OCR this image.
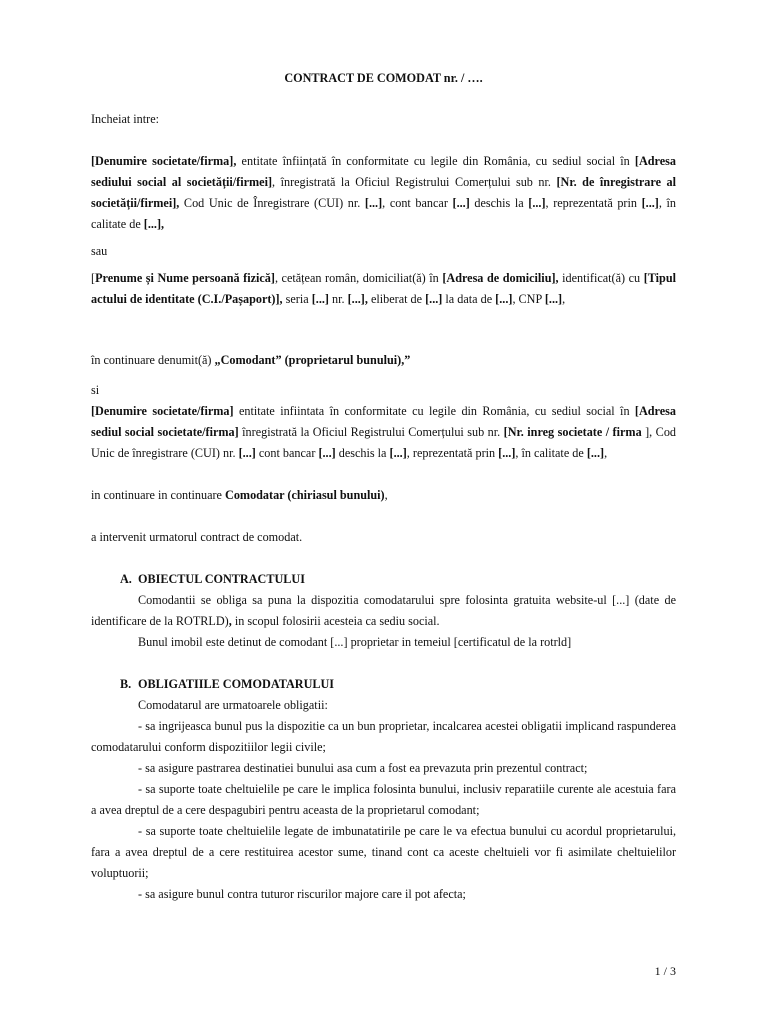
CONTRACT DE COMODAT nr. / ….

Incheiat intre:

[Denumire societate/firma], entitate înființată în conformitate cu legile din România, cu sediul social în [Adresa sediului social al societății/firmei], înregistrată la Oficiul Registrului Comerțului sub nr. [Nr. de înregistrare al societății/firmei], Cod Unic de Înregistrare (CUI) nr. [...], cont bancar [...] deschis la [...], reprezentată prin [...], în calitate de [...],

sau

[Prenume și Nume persoană fizică], cetățean român, domiciliat(ă) în [Adresa de domiciliu], identificat(ă) cu [Tipul actului de identitate (C.I./Pașaport)], seria [...] nr. [...], eliberat de [...] la data de [...], CNP [...],

în continuare denumit(ă) „Comodant” (proprietarul bunului),”

si

[Denumire societate/firma] entitate infiintata în conformitate cu legile din România, cu sediul social în [Adresa sediul social societate/firma] înregistrată la Oficiul Registrului Comerțului sub nr. [Nr. inreg societate / firma ], Cod Unic de înregistrare (CUI) nr. [...] cont bancar [...] deschis la [...], reprezentată prin [...], în calitate de [...],

in continuare in continuare Comodatar (chiriasul bunului),

a intervenit urmatorul contract de comodat.

A. OBIECTUL CONTRACTULUI

Comodantii se obliga sa puna la dispozitia comodatarului spre folosinta gratuita website-ul [...] (date de identificare de la ROTRLD), in scopul folosirii acesteia ca sediu social.

Bunul imobil este detinut de comodant [...] proprietar in temeiul [certificatul de la rotrld]

B. OBLIGATIILE COMODATARULUI

Comodatarul are urmatoarele obligatii:

- sa ingrijeasca bunul pus la dispozitie ca un bun proprietar, incalcarea acestei obligatii implicand raspunderea comodatarului conform dispozitiilor legii civile;

- sa asigure pastrarea destinatiei bunului asa cum a fost ea prevazuta prin prezentul contract;

- sa suporte toate cheltuielile pe care le implica folosinta bunului, inclusiv reparatiile curente ale acestuia fara a avea dreptul de a cere despagubiri pentru aceasta de la proprietarul comodant;

- sa suporte toate cheltuielile legate de imbunatatirile pe care le va efectua bunului cu acordul proprietarului, fara a avea dreptul de a cere restituirea acestor sume, tinand cont ca aceste cheltuieli vor fi asimilate cheltuielilor voluptuorii;

- sa asigure bunul contra tuturor riscurilor majore care il pot afecta;

1 / 3
